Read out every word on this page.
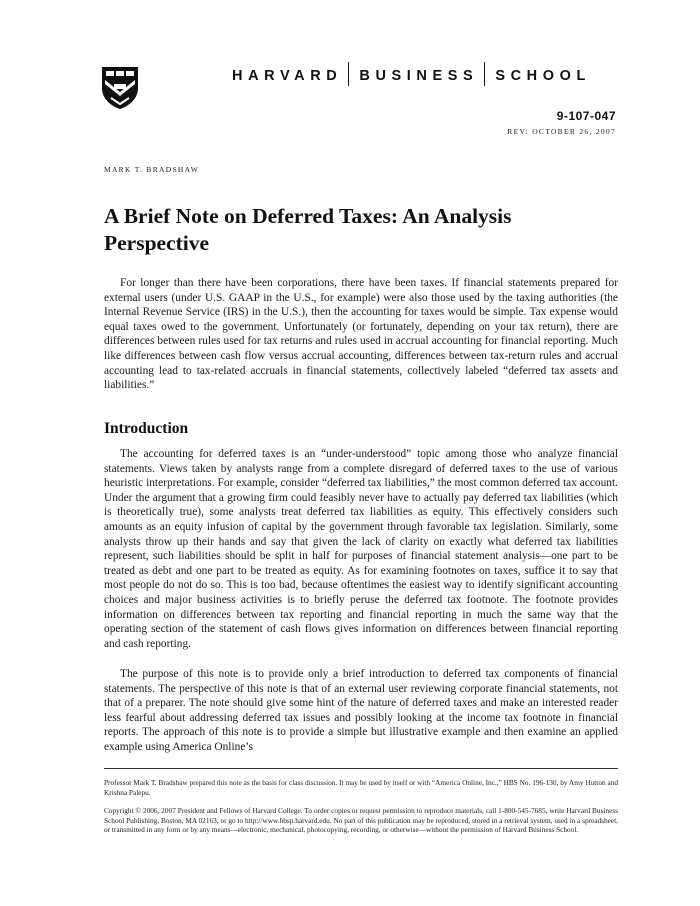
HARVARD BUSINESS SCHOOL
9-107-047
REV: OCTOBER 26, 2007
MARK T. BRADSHAW
A Brief Note on Deferred Taxes: An Analysis Perspective

For longer than there have been corporations, there have been taxes. If financial statements prepared for external users (under U.S. GAAP in the U.S., for example) were also those used by the taxing authorities (the Internal Revenue Service (IRS) in the U.S.), then the accounting for taxes would be simple. Tax expense would equal taxes owed to the government. Unfortunately (or fortunately, depending on your tax return), there are differences between rules used for tax returns and rules used in accrual accounting for financial reporting. Much like differences between cash flow versus accrual accounting, differences between tax-return rules and accrual accounting lead to tax-related accruals in financial statements, collectively labeled “deferred tax assets and liabilities.”

Introduction

The accounting for deferred taxes is an “under-understood” topic among those who analyze financial statements. Views taken by analysts range from a complete disregard of deferred taxes to the use of various heuristic interpretations. For example, consider “deferred tax liabilities,” the most common deferred tax account. Under the argument that a growing firm could feasibly never have to actually pay deferred tax liabilities (which is theoretically true), some analysts treat deferred tax liabilities as equity. This effectively considers such amounts as an equity infusion of capital by the government through favorable tax legislation. Similarly, some analysts throw up their hands and say that given the lack of clarity on exactly what deferred tax liabilities represent, such liabilities should be split in half for purposes of financial statement analysis—one part to be treated as debt and one part to be treated as equity. As for examining footnotes on taxes, suffice it to say that most people do not do so. This is too bad, because oftentimes the easiest way to identify significant accounting choices and major business activities is to briefly peruse the deferred tax footnote. The footnote provides information on differences between tax reporting and financial reporting in much the same way that the operating section of the statement of cash flows gives information on differences between financial reporting and cash reporting.

The purpose of this note is to provide only a brief introduction to deferred tax components of financial statements. The perspective of this note is that of an external user reviewing corporate financial statements, not that of a preparer. The note should give some hint of the nature of deferred taxes and make an interested reader less fearful about addressing deferred tax issues and possibly looking at the income tax footnote in financial reports. The approach of this note is to provide a simple but illustrative example and then examine an applied example using America Online’s

Professor Mark T. Bradshaw prepared this note as the basis for class discussion. It may be used by itself or with “America Online, Inc.,” HBS No. 196-130, by Amy Hutton and Krishna Palepu.

Copyright © 2006, 2007 President and Fellows of Harvard College. To order copies or request permission to reproduce materials, call 1-800-545-7685, write Harvard Business School Publishing, Boston, MA 02163, or go to http://www.hbsp.harvard.edu. No part of this publication may be reproduced, stored in a retrieval system, used in a spreadsheet, or transmitted in any form or by any means—electronic, mechanical, photocopying, recording, or otherwise—without the permission of Harvard Business School.
